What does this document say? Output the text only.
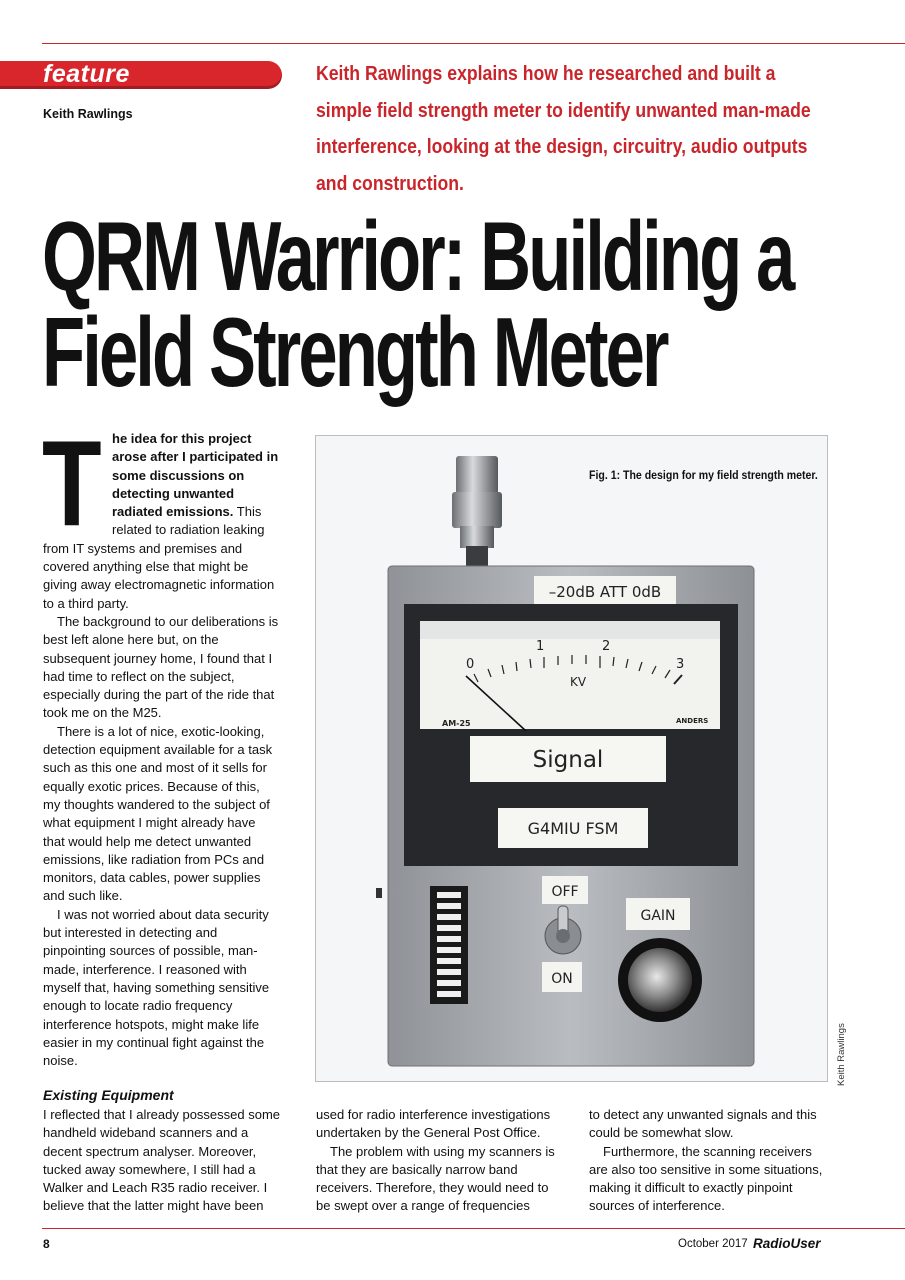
feature
Keith Rawlings
Keith Rawlings explains how he researched and built a
simple field strength meter to identify unwanted man-made
interference, looking at the design, circuitry, audio outputs
and construction.
QRM Warrior: Building a
Field Strength Meter
T he idea for this project arose after I participated in some discussions on detecting unwanted radiated emissions. This related to radiation leaking from IT systems and premises and covered anything else that might be giving away electromagnetic information to a third party.

The background to our deliberations is best left alone here but, on the subsequent journey home, I found that I had time to reflect on the subject, especially during the part of the ride that took me on the M25.

There is a lot of nice, exotic-looking, detection equipment available for a task such as this one and most of it sells for equally exotic prices. Because of this, my thoughts wandered to the subject of what equipment I might already have that would help me detect unwanted emissions, like radiation from PCs and monitors, data cables, power supplies and such like.

I was not worried about data security but interested in detecting and pinpointing sources of possible, man-made, interference. I reasoned with myself that, having something sensitive enough to locate radio frequency interference hotspots, might make life easier in my continual fight against the noise.

Existing Equipment

I reflected that I already possessed some handheld wideband scanners and a decent spectrum analyser. Moreover, tucked away somewhere, I still had a Walker and Leach R35 radio receiver. I believe that the latter might have been

used for radio interference investigations undertaken by the General Post Office.

The problem with using my scanners is that they are basically narrow band receivers. Therefore, they would need to be swept over a range of frequencies

to detect any unwanted signals and this could be somewhat slow.

Furthermore, the scanning receivers are also too sensitive in some situations, making it difficult to exactly pinpoint sources of interference.

–20dB ATT 0dB
0
1	2
3
KV
AM-25	ANDERS
Signal
G4MIU FSM
OFF
ON
GAIN
Fig. 1: The design for my field strength meter.
Keith Rawlings
8	October 2017 RadioUser
